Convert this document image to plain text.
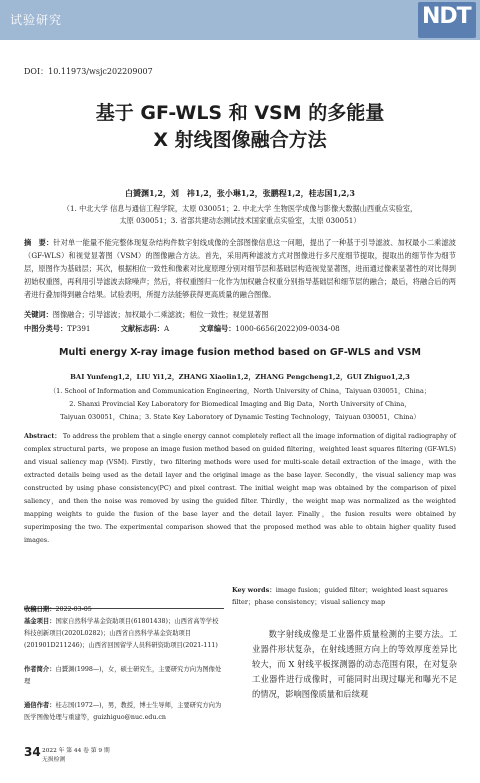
试验研究	NDT
DOI：10.11973/wsjc202209007
基于 GF-WLS 和 VSM 的多能量
X 射线图像融合方法
白贇渊1,2，刘　祎1,2，张小琳1,2，张鹏程1,2，桂志国1,2,3
（1. 中北大学 信息与通信工程学院，太原 030051；2. 中北大学 生物医学成像与影像大数据山西重点实验室，
太原 030051；3. 省部共建动态测试技术国家重点实验室，太原 030051）
摘　要：针对单一能量不能完整体现复杂结构件数字射线成像的全部图像信息这一问题，提出了一种基于引导滤波、加权最小二乘滤波（GF-WLS）和视觉显著图（VSM）的图像融合方法。首先，采用两种滤波方式对图像进行多尺度细节提取，提取出的细节作为细节层，原图作为基础层；其次，根据相位一致性和像素对比度原理分别对细节层和基础层构造视觉显著图，进而通过像素显著性的对比得到初始权重图，再利用引导滤波去除噪声；然后，将权重图归一化作为加权融合权重分别指导基础层和细节层的融合；最后，将融合后的两者进行叠加得到融合结果。试验表明，所提方法能够获得更高质量的融合图像。
关键词：图像融合；引导滤波；加权最小二乘滤波；相位一致性；视觉显著图
中图分类号：TP391	文献标志码：A	文章编号：1000-6656(2022)09-0034-08
Multi energy X-ray image fusion method based on GF-WLS and VSM
BAI Yunfeng1,2，LIU Yi1,2，ZHANG Xiaolin1,2，ZHANG Pengcheng1,2，GUI Zhiguo1,2,3
（1. School of Information and Communication Engineering，North University of China，Taiyuan 030051，China；
2. Shanxi Provincial Key Laboratory for Biomedical Imaging and Big Data，North University of China，
Taiyuan 030051，China；3. State Key Laboratory of Dynamic Testing Technology，Taiyuan 030051，China）
Abstract： To address the problem that a single energy cannot completely reflect all the image information of digital radiography of complex structural parts，we propose an image fusion method based on guided filtering，weighted least squares filtering (GF-WLS) and visual saliency map (VSM). Firstly，two filtering methods were used for multi-scale detail extraction of the image，with the extracted details being used as the detail layer and the original image as the base layer. Secondly，the visual saliency map was constructed by using phase consistency(PC) and pixel contrast. The initial weight map was obtained by the comparison of pixel saliency，and then the noise was removed by using the guided filter. Thirdly，the weight map was normalized as the weighted mapping weights to guide the fusion of the base layer and the detail layer. Finally，the fusion results were obtained by superimposing the two. The experimental comparison showed that the proposed method was able to obtain higher quality fused images.
Key words：image fusion；guided filter；weighted least squares filter；phase consistency；visual saliency map
收稿日期：2022-03-05
基金项目：国家自然科学基金资助项目(61801438)；山西省高等学校科技创新项目(2020L0282)；山西省自然科学基金资助项目(201901D211246)；山西省回国留学人员科研资助项目(2021-111)
作者简介：白贇渊(1998—)，女，硕士研究生，主要研究方向为图像处理
通信作者：桂志国(1972—)，男，教授，博士生导师，主要研究方向为医学图像处理与重建等，guizhiguo@nuc.edu.cn
数字射线成像是工业器件质量检测的主要方法。工业器件形状复杂，在射线透照方向上的等效厚度差异比较大，而 X 射线平板探测器的动态范围有限，在对复杂工业器件进行成像时，可能同时出现过曝光和曝光不足的情况，影响图像质量和后续观
34 2022 年 第 44 卷 第 9 期
无损检测
